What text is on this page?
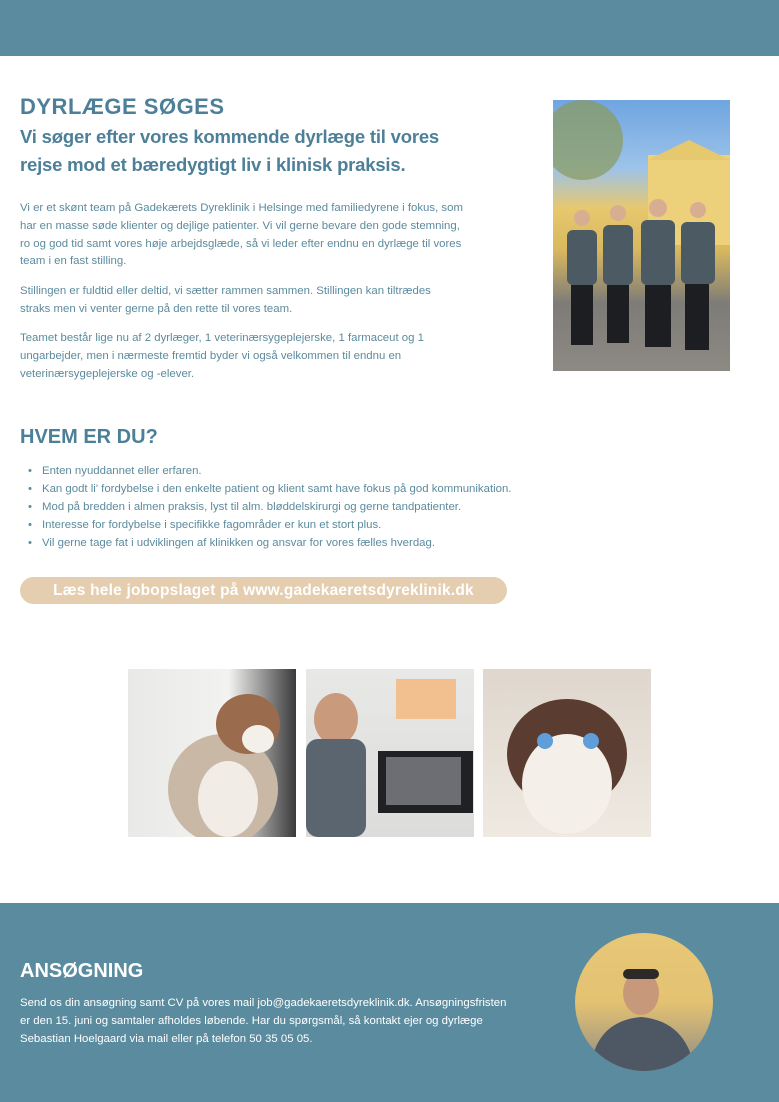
DYRLÆGE SØGES
Vi søger efter vores kommende dyrlæge til vores
rejse mod et bæredygtigt liv i klinisk praksis.
Vi er et skønt team på Gadekærets Dyreklinik i Helsinge med familiedyrene i fokus, som
har en masse søde klienter og dejlige patienter. Vi vil gerne bevare den gode stemning,
ro og god tid samt vores høje arbejdsglæde, så vi leder efter endnu en dyrlæge til vores
team i en fast stilling.
Stillingen er fuldtid eller deltid, vi sætter rammen sammen. Stillingen kan tiltrædes
straks men vi venter gerne på den rette til vores team.
Teamet består lige nu af 2 dyrlæger, 1 veterinærsygeplejerske, 1 farmaceut og 1
ungarbejder, men i nærmeste fremtid byder vi også velkommen til endnu en
veterinærsygeplejerske og -elever.
HVEM ER DU?
• Enten nyuddannet eller erfaren.
• Kan godt li' fordybelse i den enkelte patient og klient samt have fokus på god kommunikation.
• Mod på bredden i almen praksis, lyst til alm. bløddelskirurgi og gerne tandpatienter.
• Interesse for fordybelse i specifikke fagområder er kun et stort plus.
• Vil gerne tage fat i udviklingen af klinikken og ansvar for vores fælles hverdag.
Læs hele jobopslaget på www.gadekaeretsdyreklinik.dk
ANSØGNING
Send os din ansøgning samt CV på vores mail job@gadekaeretsdyreklinik.dk. Ansøgningsfristen
er den 15. juni og samtaler afholdes løbende. Har du spørgsmål, så kontakt ejer og dyrlæge
Sebastian Hoelgaard via mail eller på telefon 50 35 05 05.
